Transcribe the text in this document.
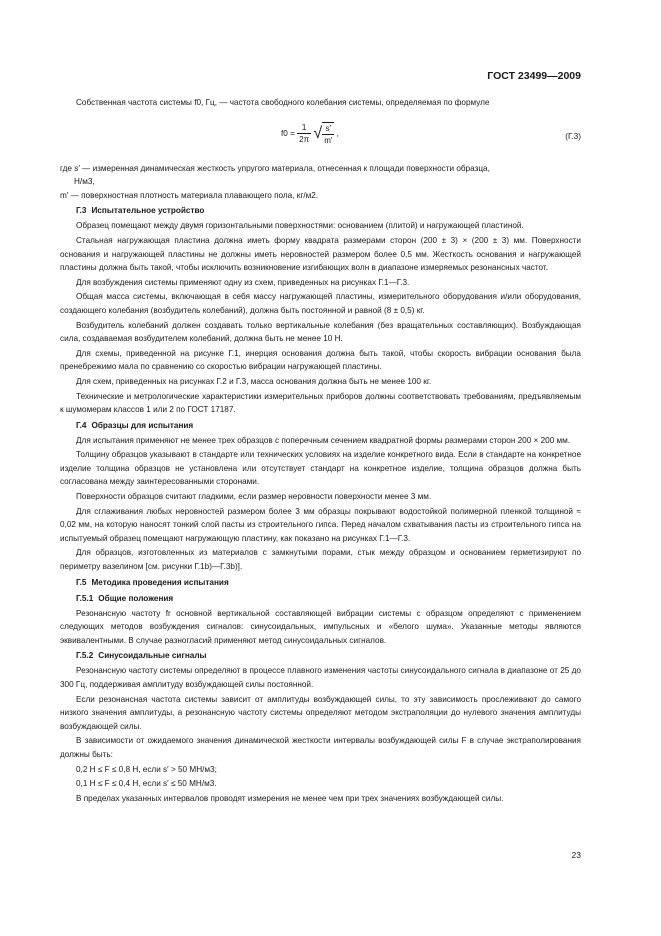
ГОСТ 23499—2009

Собственная частота системы f0, Гц, — частота свободного колебания системы, определяемая по формуле

$f0 = \frac{1}{2\pi}$ √ $\frac{s'}{m'}$ ,	(Г.3)

где s′ — измеренная динамическая жесткость упругого материала, отнесенная к площади поверхности образца,

Н/м3,

m′ — поверхностная плотность материала плавающего пола, кг/м2.

Г.3 Испытательное устройство

Образец помещают между двумя горизонтальными поверхностями: основанием (плитой) и нагружающей пластиной.

Стальная нагружающая пластина должна иметь форму квадрата размерами сторон (200 ± 3) × (200 ± 3) мм. Поверхности основания и нагружающей пластины не должны иметь неровностей размером более 0,5 мм. Жесткость основания и нагружающей пластины должна быть такой, чтобы исключить возникновение изгибающих волн в диапазоне измеряемых резонансных частот.

Для возбуждения системы применяют одну из схем, приведенных на рисунках Г.1—Г.3.

Общая масса системы, включающая в себя массу нагружающей пластины, измерительного оборудования и/или оборудования, создающего колебания (возбудитель колебаний), должна быть постоянной и равной (8 ± 0,5) кг.

Возбудитель колебаний должен создавать только вертикальные колебания (без вращательных составляющих). Возбуждающая сила, создаваемая возбудителем колебаний, должна быть не менее 10 Н.

Для схемы, приведенной на рисунке Г.1, инерция основания должна быть такой, чтобы скорость вибрации основания была пренебрежимо мала по сравнению со скоростью вибрации нагружающей пластины.

Для схем, приведенных на рисунках Г.2 и Г.3, масса основания должна быть не менее 100 кг.

Технические и метрологические характеристики измерительных приборов должны соответствовать требованиям, предъявляемым к шумомерам классов 1 или 2 по ГОСТ 17187.

Г.4 Образцы для испытания

Для испытания применяют не менее трех образцов с поперечным сечением квадратной формы размерами сторон 200 × 200 мм.

Толщину образцов указывают в стандарте или технических условиях на изделие конкретного вида. Если в стандарте на конкретное изделие толщина образцов не установлена или отсутствует стандарт на конкретное изделие, толщина образцов должна быть согласована между заинтересованными сторонами.

Поверхности образцов считают гладкими, если размер неровности поверхности менее 3 мм.

Для сглаживания любых неровностей размером более 3 мм образцы покрывают водостойкой полимерной пленкой толщиной ≈ 0,02 мм, на которую наносят тонкий слой пасты из строительного гипса. Перед началом схватывания пасты из строительного гипса на испытуемый образец помещают нагружающую пластину, как показано на рисунках Г.1—Г.3.

Для образцов, изготовленных из материалов с замкнутыми порами, стык между образцом и основанием герметизируют по периметру вазелином [см. рисунки Г.1b)—Г.3b)].

Г.5 Методика проведения испытания
Г.5.1 Общие положения

Резонансную частоту fr основной вертикальной составляющей вибрации системы с образцом определяют с применением следующих методов возбуждения сигналов: синусоидальных, импульсных и «белого шума». Указанные методы являются эквивалентными. В случае разногласий применяют метод синусоидальных сигналов.

Г.5.2 Синусоидальные сигналы

Резонансную частоту системы определяют в процессе плавного изменения частоты синусоидального сигнала в диапазоне от 25 до 300 Гц, поддерживая амплитуду возбуждающей силы постоянной.

Если резонансная частота системы зависит от амплитуды возбуждающей силы, то эту зависимость прослеживают до самого низкого значения амплитуды, а резонансную частоту системы определяют методом экстраполяции до нулевого значения амплитуды возбуждающей силы.

В зависимости от ожидаемого значения динамической жесткости интервалы возбуждающей силы F в случае экстраполирования должны быть:

0,2 Н ≤ F ≤ 0,8 Н, если s′ > 50 МН/м3;

0,1 Н ≤ F ≤ 0,4 Н, если s′ ≤ 50 МН/м3.

В пределах указанных интервалов проводят измерения не менее чем при трех значениях возбуждающей силы.

23
